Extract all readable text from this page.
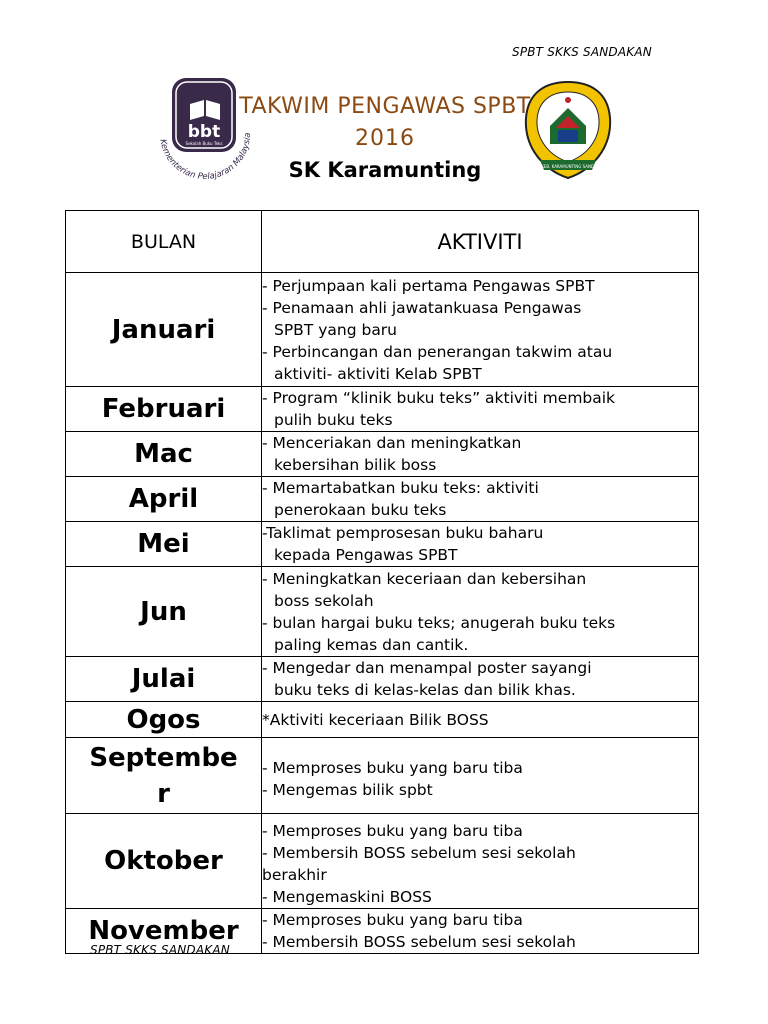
SPBT SKKS SANDAKAN
bbt
Sekolah Buku Teks
Kementerian Pelajaran Malaysia
SEK. KEB. KARAMUNTING SANDAKAN
TAKWIM PENGAWAS SPBT
2016
SK Karamunting
BULAN	AKTIVITI
Januari	- Perjumpaan kali pertama Pengawas SPBT
- Penamaan ahli jawatankuasa Pengawas
SPBT yang baru
- Perbincangan dan penerangan takwim atau
aktiviti- aktiviti Kelab SPBT

Februari	- Program “klinik buku teks” aktiviti membaik
pulih buku teks

Mac	- Menceriakan dan meningkatkan
kebersihan bilik boss

April	- Memartabatkan buku teks: aktiviti
penerokaan buku teks

Mei	-Taklimat pemprosesan buku baharu
kepada Pengawas SPBT

Jun	- Meningkatkan keceriaan dan kebersihan
boss sekolah
- bulan hargai buku teks; anugerah buku teks
paling kemas dan cantik.

Julai	- Mengedar dan menampal poster sayangi
buku teks di kelas-kelas dan bilik khas.

Ogos	*Aktiviti keceriaan Bilik BOSS

Septembe
r	- Memproses buku yang baru tiba
- Mengemas bilik spbt

Oktober	- Memproses buku yang baru tiba
- Membersih BOSS sebelum sesi sekolah
berakhir
- Mengemaskini BOSS

November	- Memproses buku yang baru tiba
- Membersih BOSS sebelum sesi sekolah
SPBT SKKS SANDAKAN
